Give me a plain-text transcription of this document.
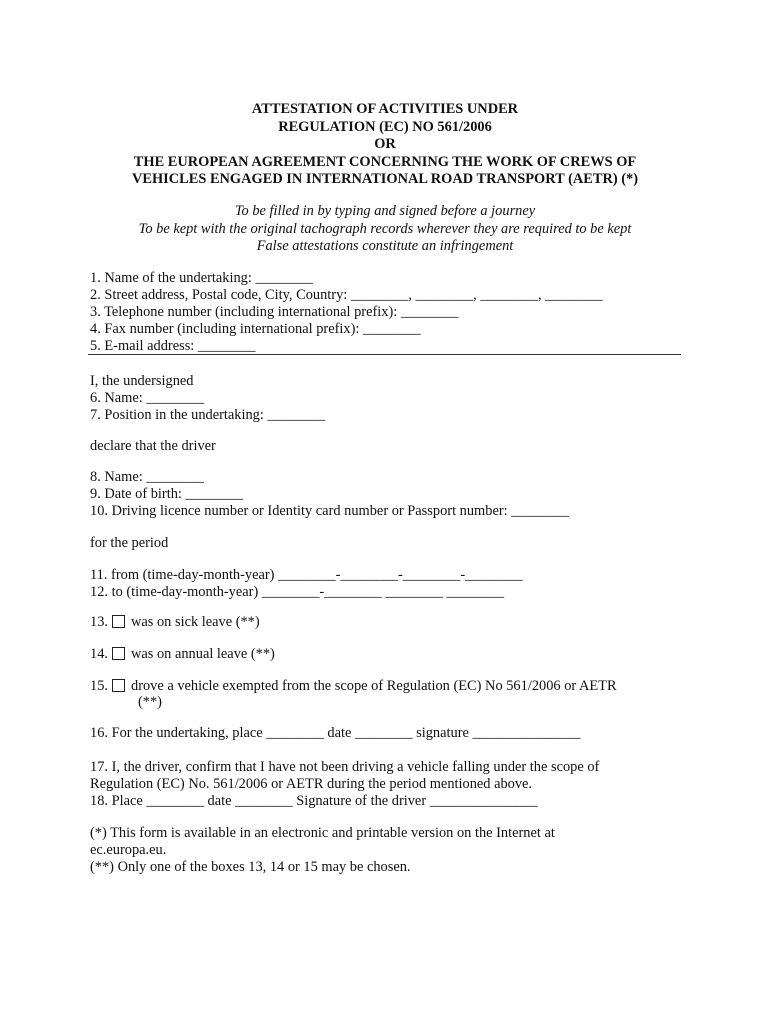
ATTESTATION OF ACTIVITIES UNDER
REGULATION (EC) NO 561/2006
OR
THE EUROPEAN AGREEMENT CONCERNING THE WORK OF CREWS OF
VEHICLES ENGAGED IN INTERNATIONAL ROAD TRANSPORT (AETR) (*)
To be filled in by typing and signed before a journey
To be kept with the original tachograph records wherever they are required to be kept
False attestations constitute an infringement
1. Name of the undertaking: ________
2. Street address, Postal code, City, Country: ________, ________, ________, ________
3. Telephone number (including international prefix): ________
4. Fax number (including international prefix): ________
5. E-mail address: ________
I, the undersigned
6. Name: ________
7. Position in the undertaking: ________
declare that the driver
8. Name: ________
9. Date of birth: ________
10. Driving licence number or Identity card number or Passport number: ________
for the period
11. from (time-day-month-year) ________-________-________-________
12. to (time-day-month-year) ________-________ ________ ________
13. was on sick leave (**)
14. was on annual leave (**)
15. drove a vehicle exempted from the scope of Regulation (EC) No 561/2006 or AETR
(**)
16. For the undertaking, place ________ date ________ signature _______________
17. I, the driver, confirm that I have not been driving a vehicle falling under the scope of
Regulation (EC) No. 561/2006 or AETR during the period mentioned above.
18. Place ________ date ________ Signature of the driver _______________
(*) This form is available in an electronic and printable version on the Internet at
ec.europa.eu.
(**) Only one of the boxes 13, 14 or 15 may be chosen.
